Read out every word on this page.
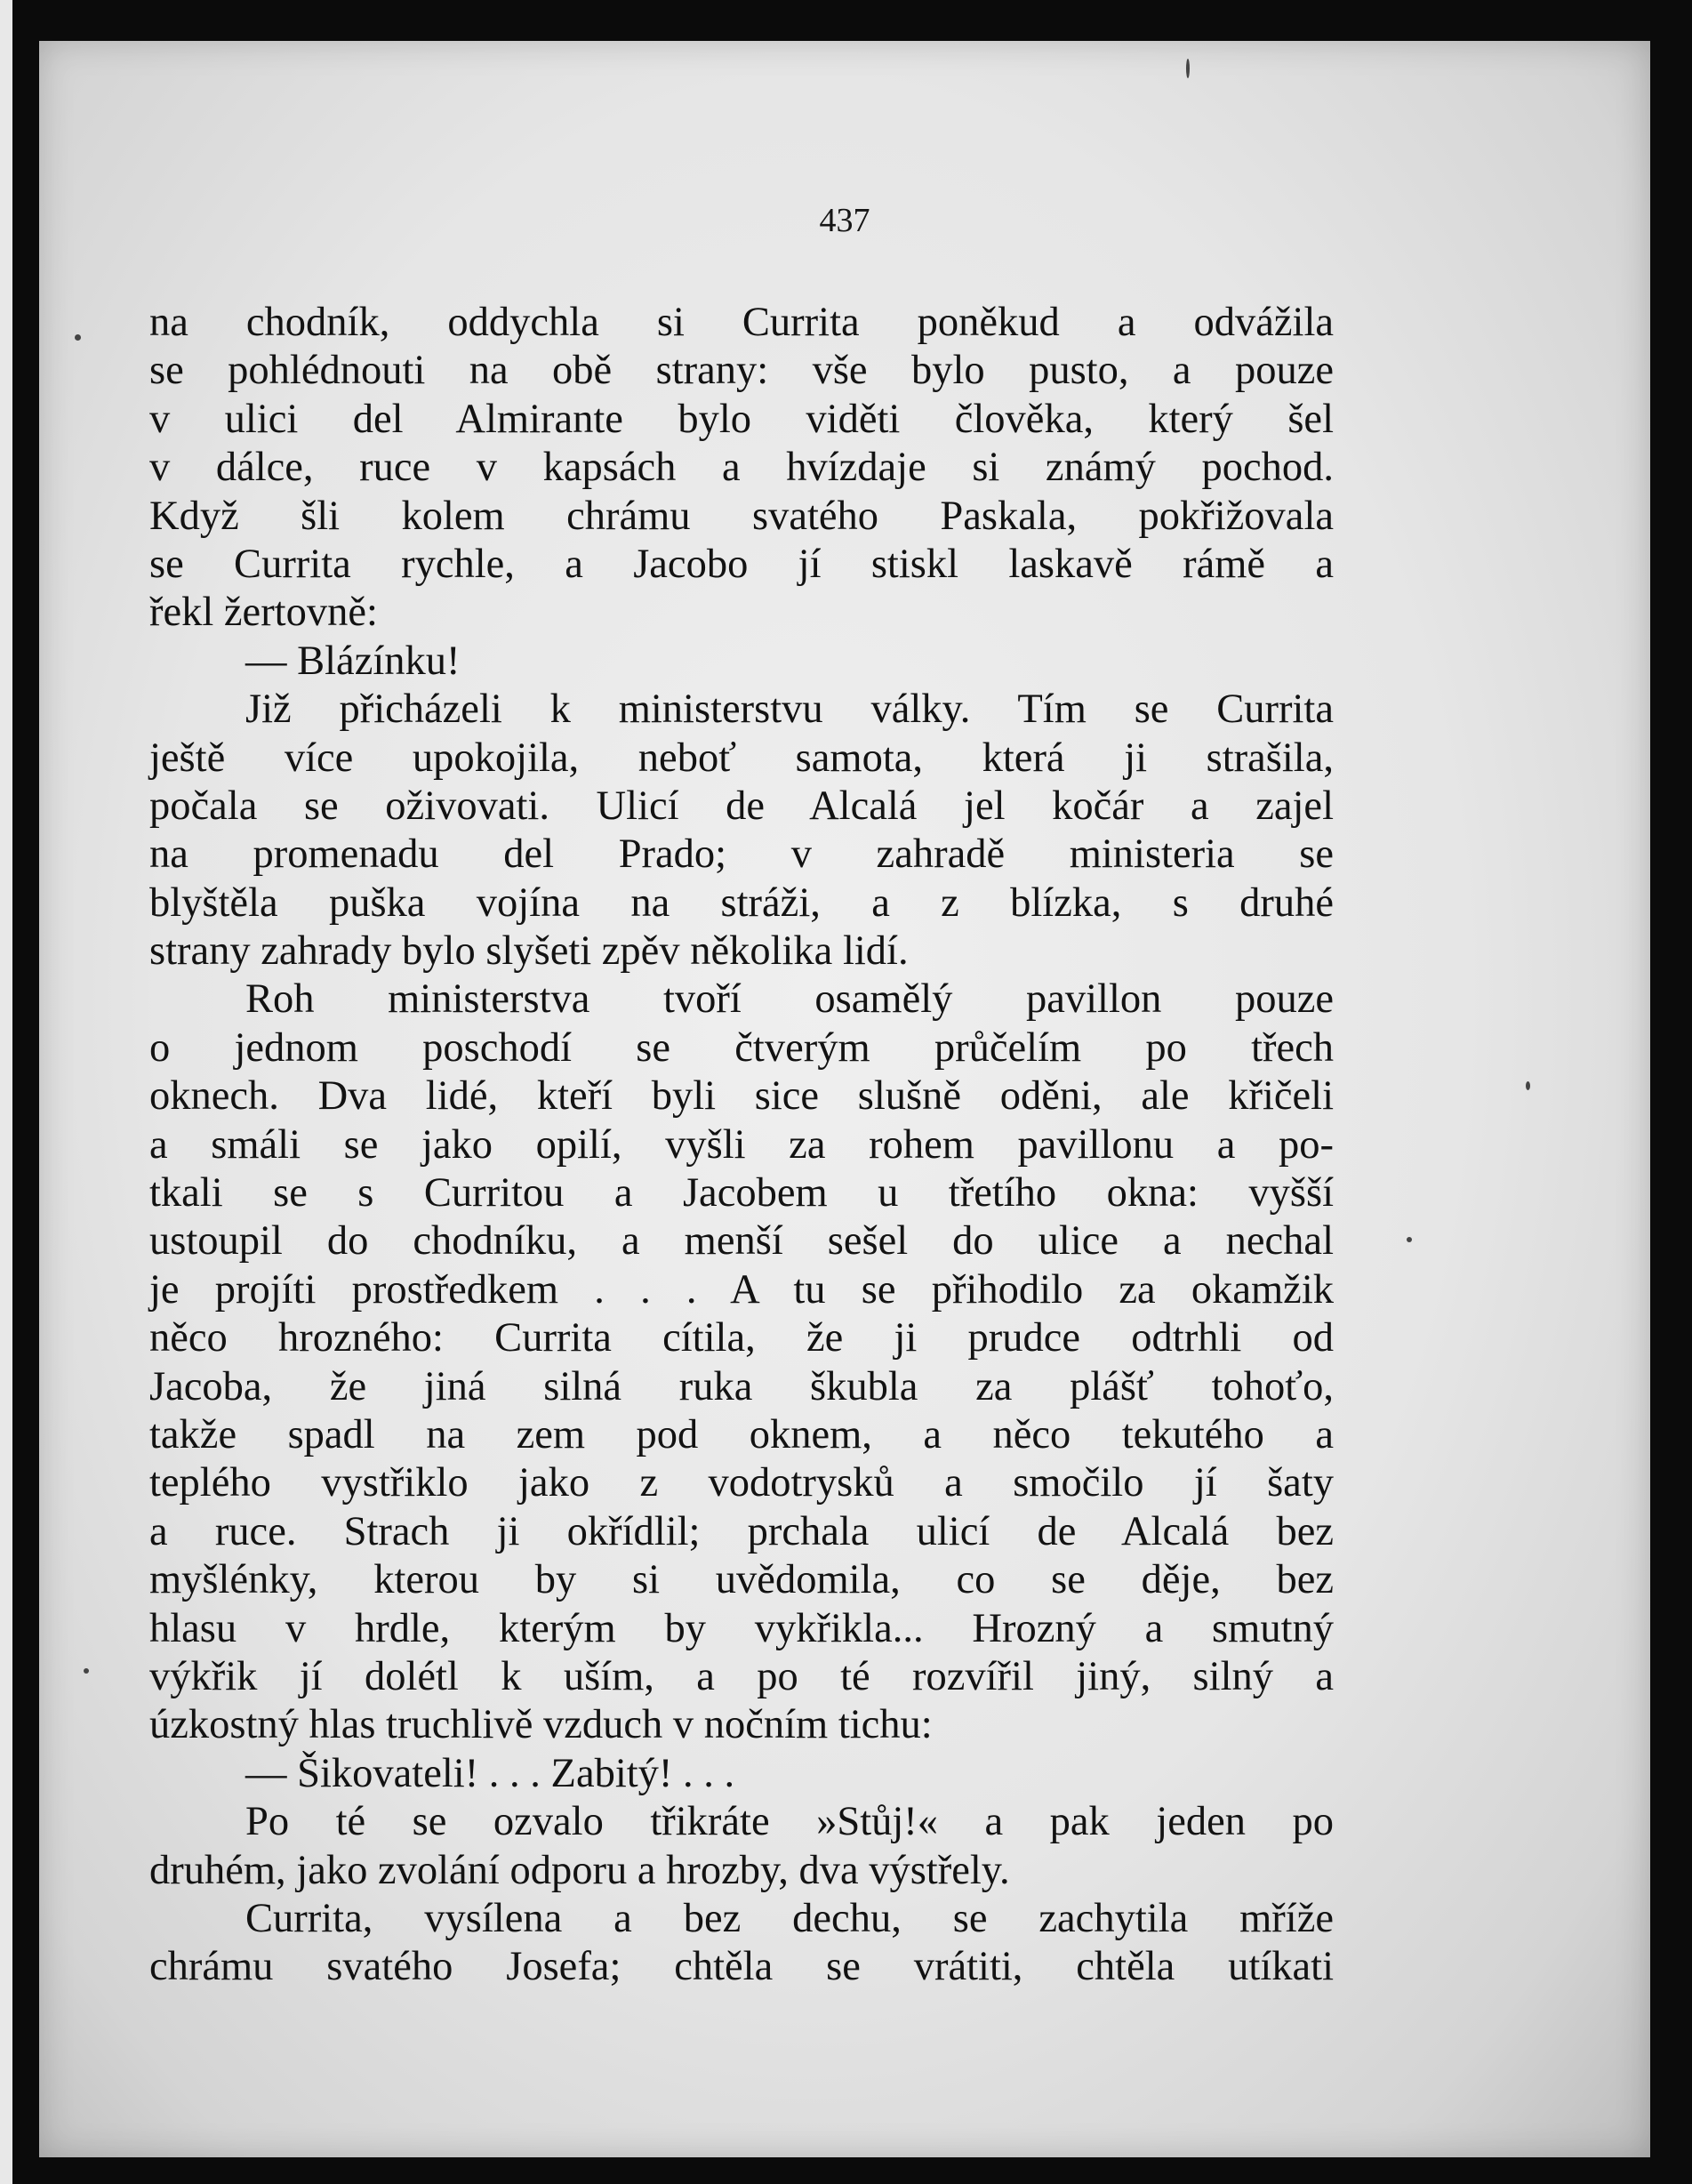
437
na chodník, oddychla si Currita poněkud a odvážila
se pohlédnouti na obě strany: vše bylo pusto, a pouze
v ulici del Almirante bylo viděti člověka, který šel
v dálce, ruce v kapsách a hvízdaje si známý pochod.
Když šli kolem chrámu svatého Paskala, pokřižovala
se Currita rychle, a Jacobo jí stiskl laskavě rámě a
řekl žertovně:
— Blázínku!
Již přicházeli k ministerstvu války. Tím se Currita
ještě více upokojila, neboť samota, která ji strašila,
počala se oživovati. Ulicí de Alcalá jel kočár a zajel
na promenadu del Prado; v zahradě ministeria se
blyštěla puška vojína na stráži, a z blízka, s druhé
strany zahrady bylo slyšeti zpěv několika lidí.
Roh ministerstva tvoří osamělý pavillon pouze
o jednom poschodí se čtverým průčelím po třech
oknech. Dva lidé, kteří byli sice slušně oděni, ale křičeli
a smáli se jako opilí, vyšli za rohem pavillonu a po-
tkali se s Curritou a Jacobem u třetího okna: vyšší
ustoupil do chodníku, a menší sešel do ulice a nechal
je projíti prostředkem . . . A tu se přihodilo za okamžik
něco hrozného: Currita cítila, že ji prudce odtrhli od
Jacoba, že jiná silná ruka škubla za plášť tohoťo,
takže spadl na zem pod oknem, a něco tekutého a
teplého vystřiklo jako z vodotrysků a smočilo jí šaty
a ruce. Strach ji okřídlil; prchala ulicí de Alcalá bez
myšlénky, kterou by si uvědomila, co se děje, bez
hlasu v hrdle, kterým by vykřikla... Hrozný a smutný
výkřik jí dolétl k uším, a po té rozvířil jiný, silný a
úzkostný hlas truchlivě vzduch v nočním tichu:
— Šikovateli! . . . Zabitý! . . .
Po té se ozvalo třikráte »Stůj!« a pak jeden po
druhém, jako zvolání odporu a hrozby, dva výstřely.
Currita, vysílena a bez dechu, se zachytila mříže
chrámu svatého Josefa; chtěla se vrátiti, chtěla utíkati
